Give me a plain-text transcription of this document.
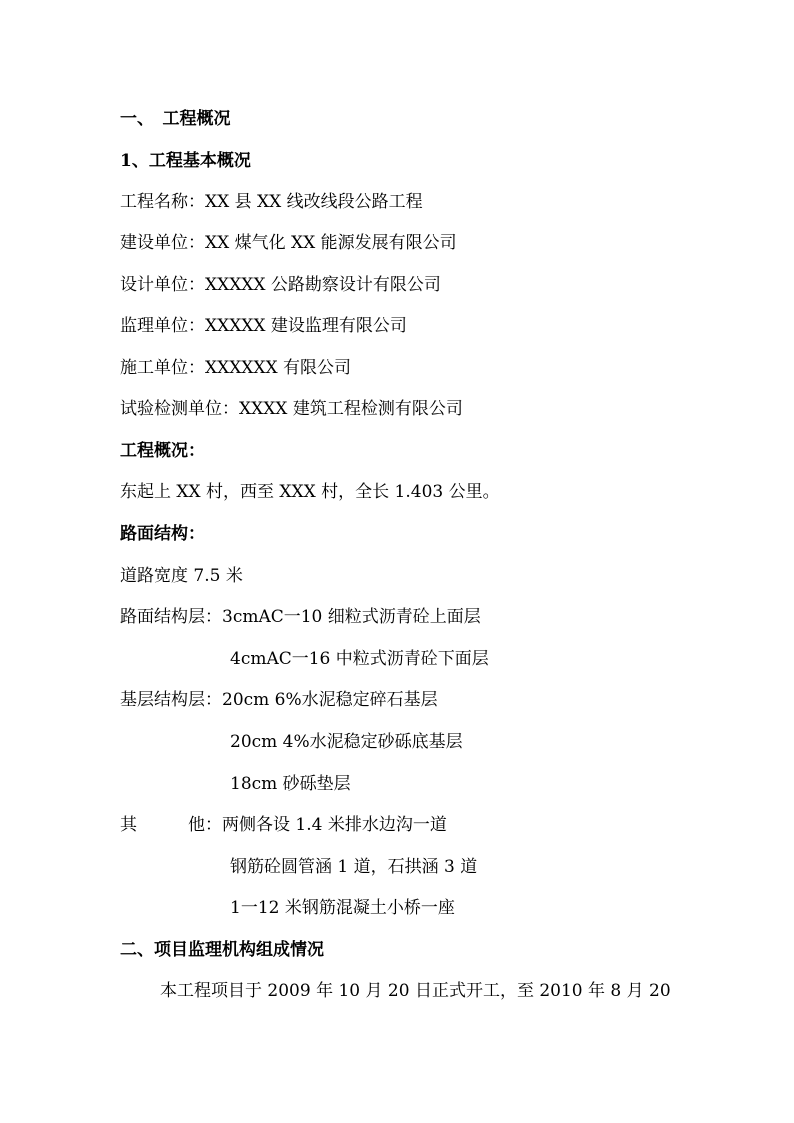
一、　工程概况
1、工程基本概况
工程名称：XX 县 XX 线改线段公路工程
建设单位：XX 煤气化 XX 能源发展有限公司
设计单位：XXXXX 公路勘察设计有限公司
监理单位：XXXXX 建设监理有限公司
施工单位：XXXXXX 有限公司
试验检测单位：XXXX 建筑工程检测有限公司
工程概况：
东起上 XX 村，西至 XXX 村，全长 1.403 公里。
路面结构：
道路宽度 7.5 米
路面结构层：3cmAC一10 细粒式沥青砼上面层
4cmAC一16 中粒式沥青砼下面层
基层结构层：20cm 6%水泥稳定碎石基层
20cm 4%水泥稳定砂砾底基层
18cm 砂砾垫层
其　　　他：两侧各设 1.4 米排水边沟一道
钢筋砼圆管涵 1 道，石拱涵 3 道
1一12 米钢筋混凝土小桥一座
二、项目监理机构组成情况
本工程项目于 2009 年 10 月 20 日正式开工，至 2010 年 8 月 20
